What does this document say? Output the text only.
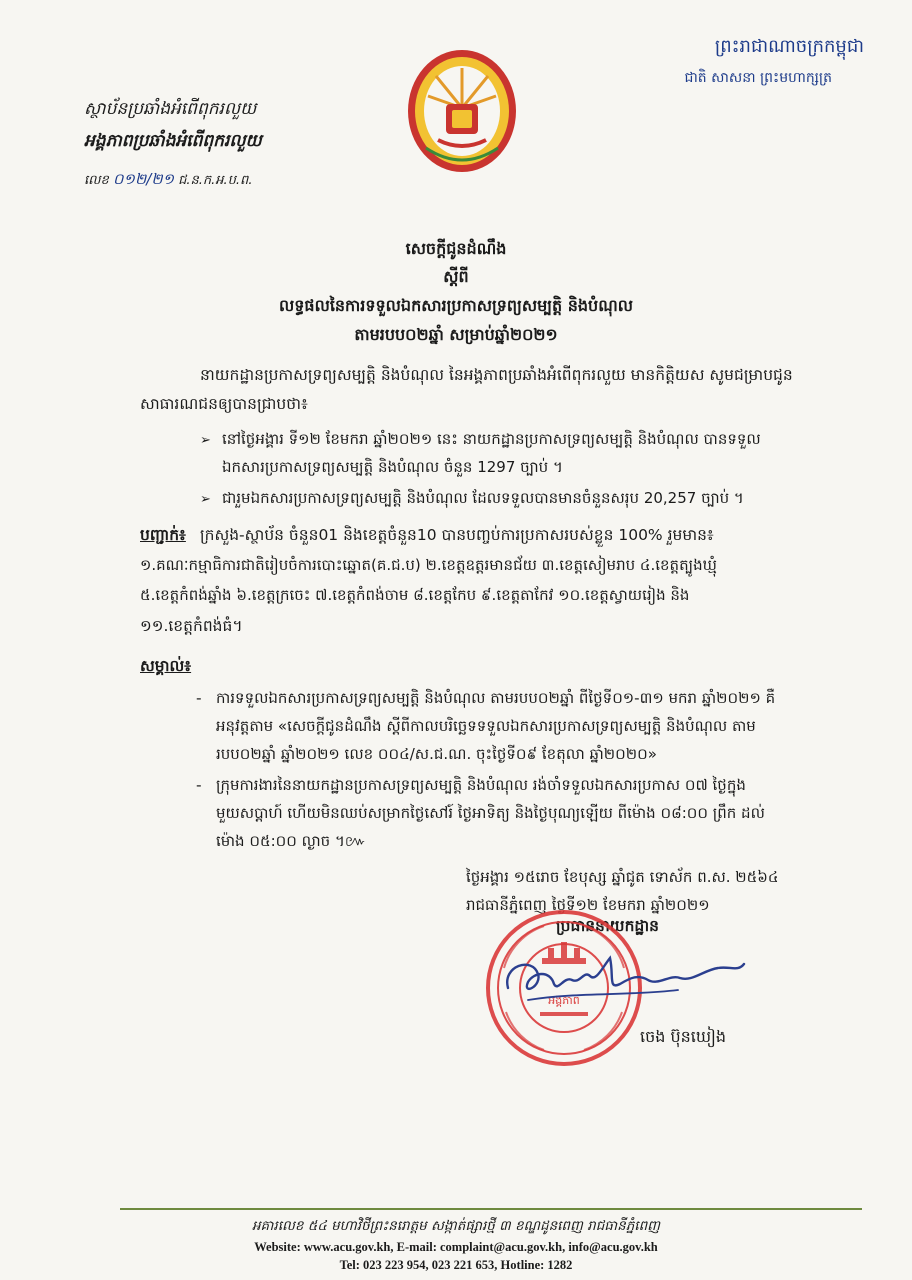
ព្រះរាជាណាចក្រកម្ពុជា
ជាតិ សាសនា ព្រះមហាក្សត្រ
ស្ថាប័នប្រឆាំងអំពើពុករលួយ
អង្គភាពប្រឆាំងអំពើពុករលួយ
លេខ ០១២/២១ ជ.ន.ក.អ.ប.ព.
សេចក្តីជូនដំណឹង
ស្តីពី
លទ្ធផលនៃការទទួលឯកសារប្រកាសទ្រព្យសម្បត្តិ និងបំណុល
តាមរបប០២ឆ្នាំ សម្រាប់ឆ្នាំ២០២១
នាយកដ្ឋានប្រកាសទ្រព្យសម្បត្តិ និងបំណុល នៃអង្គភាពប្រឆាំងអំពើពុករលួយ មានកិត្តិយស សូមជម្រាបជូន
សាធារណជនឲ្យបានជ្រាបថា៖
➢ នៅថ្ងៃអង្គារ ទី១២ ខែមករា ឆ្នាំ២០២១ នេះ នាយកដ្ឋានប្រកាសទ្រព្យសម្បត្តិ និងបំណុល បានទទួល
ឯកសារប្រកាសទ្រព្យសម្បត្តិ និងបំណុល ចំនួន 1297 ច្បាប់ ។
➢ ជារួមឯកសារប្រកាសទ្រព្យសម្បត្តិ និងបំណុល ដែលទទួលបានមានចំនួនសរុប 20,257 ច្បាប់ ។
បញ្ជាក់៖ ក្រសួង-ស្ថាប័ន ចំនួន01 និងខេត្តចំនួន10 បានបញ្ចប់ការប្រកាសរបស់ខ្លួន 100% រួមមាន៖
១.គណៈកម្មាធិការជាតិរៀបចំការបោះឆ្នោត(គ.ជ.ប) ២.ខេត្តឧត្តរមានជ័យ ៣.ខេត្តសៀមរាប ៤.ខេត្តត្បូងឃ្មុំ
៥.ខេត្តកំពង់ឆ្នាំង ៦.ខេត្តក្រចេះ ៧.ខេត្តកំពង់ចាម ៨.ខេត្តកែប ៩.ខេត្តតាកែវ ១០.ខេត្តស្វាយរៀង និង
១១.ខេត្តកំពង់ធំ។
សម្គាល់៖
- ការទទួលឯកសារប្រកាសទ្រព្យសម្បត្តិ និងបំណុល តាមរបប០២ឆ្នាំ ពីថ្ងៃទី០១-៣១ មករា ឆ្នាំ២០២១ គឺ
អនុវត្តតាម «សេចក្តីជូនដំណឹង ស្តីពីកាលបរិច្ឆេទទទួលឯកសារប្រកាសទ្រព្យសម្បត្តិ និងបំណុល តាម
របប០២ឆ្នាំ ឆ្នាំ២០២១ លេខ ០០៤/ស.ជ.ណ. ចុះថ្ងៃទី០៩ ខែតុលា ឆ្នាំ២០២០»
- ក្រុមការងារនៃនាយកដ្ឋានប្រកាសទ្រព្យសម្បត្តិ និងបំណុល រង់ចាំទទួលឯកសារប្រកាស ០៧ ថ្ងៃក្នុង
មួយសប្តាហ៍ ហើយមិនឈប់សម្រាកថ្ងៃសៅរ៍ ថ្ងៃអាទិត្យ និងថ្ងៃបុណ្យឡើយ ពីម៉ោង ០៨:០០ ព្រឹក ដល់
ម៉ោង ០៥:០០ ល្ងាច ។៚
ថ្ងៃអង្គារ ១៥រោច ខែបុស្ស ឆ្នាំជូត ទោស័ក ព.ស. ២៥៦៤
រាជធានីភ្នំពេញ ថ្ងៃទី១២ ខែមករា ឆ្នាំ២០២១
ប្រធាននាយកដ្ឋាន
អង្គភាព
ចេង ប៊ុនឃៀង
អគារលេខ ៥៤ មហាវិថីព្រះនរោត្តម សង្កាត់ផ្សារថ្មី ៣ ខណ្ឌដូនពេញ រាជធានីភ្នំពេញ
Website: www.acu.gov.kh, E-mail: complaint@acu.gov.kh, info@acu.gov.kh
Tel: 023 223 954, 023 221 653, Hotline: 1282
